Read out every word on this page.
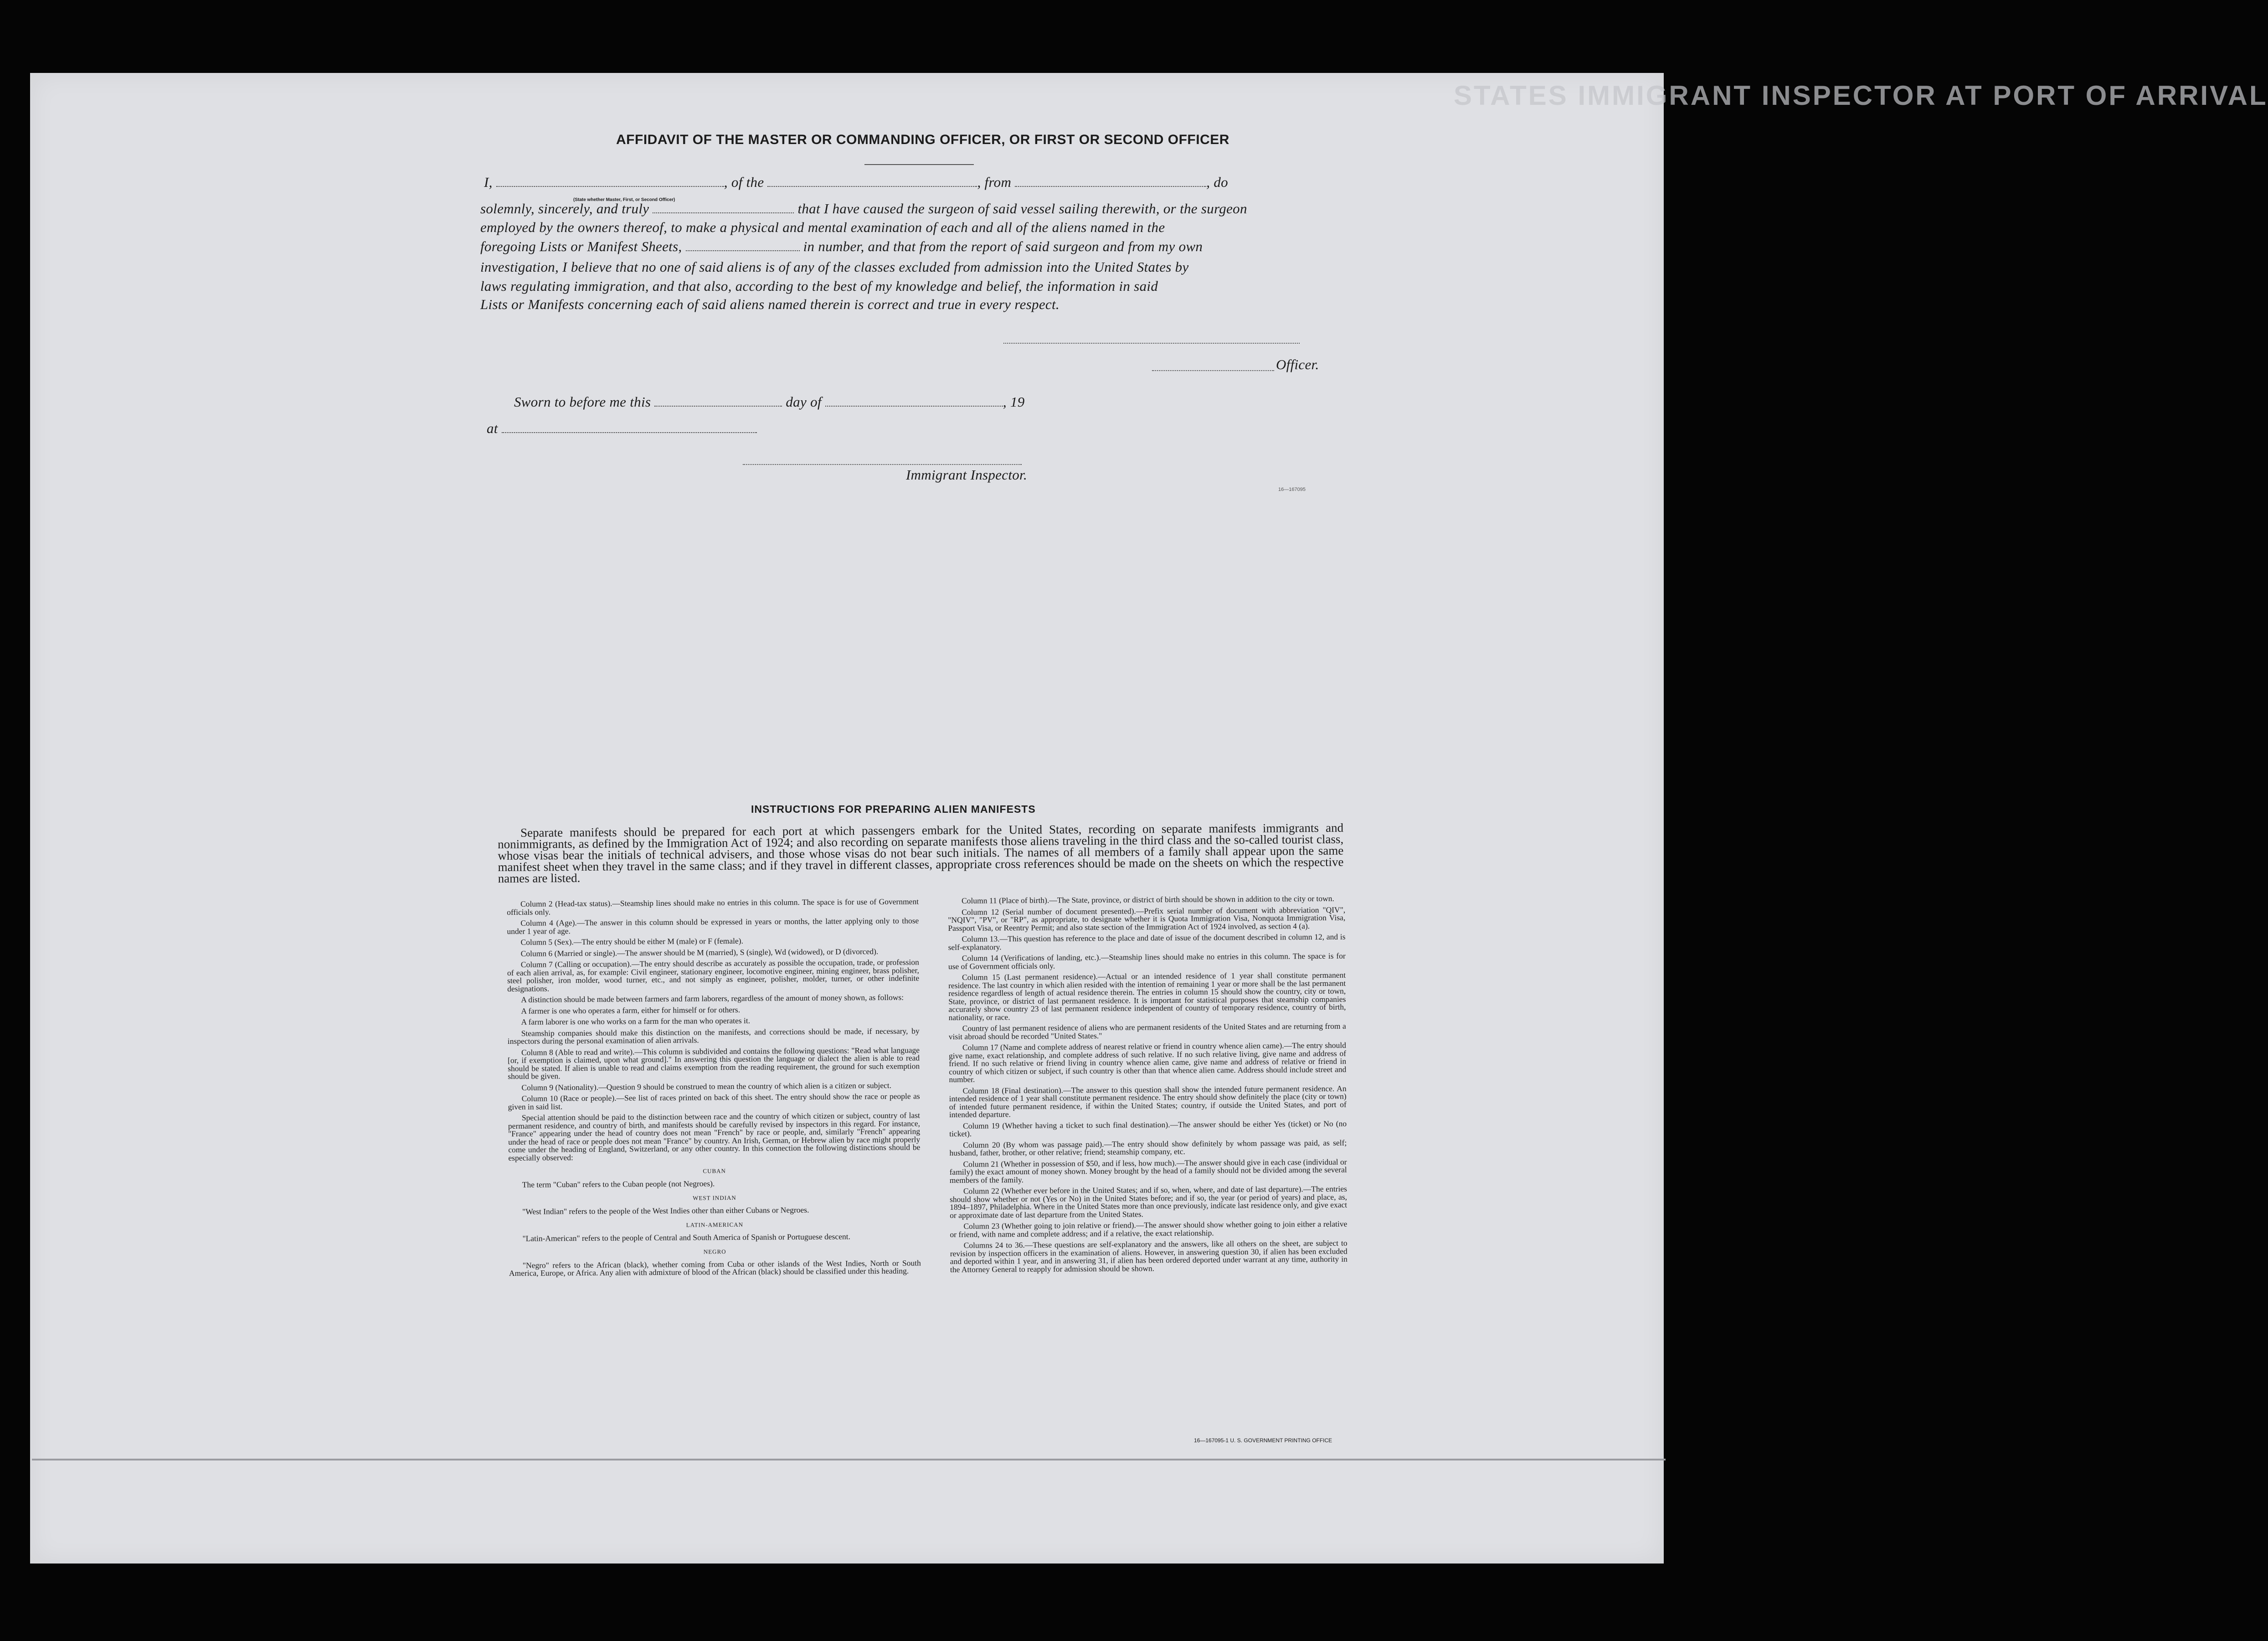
STATES IMMIGRANT INSPECTOR AT PORT OF ARRIVAL
AFFIDAVIT OF THE MASTER OR COMMANDING OFFICER, OR FIRST OR SECOND OFFICER
I,	, of the	, from	, do
(State whether Master, First, or Second Officer)
solemnly, sincerely, and truly	that I have caused the surgeon of said vessel sailing therewith, or the surgeon
employed by the owners thereof, to make a physical and mental examination of each and all of the aliens named in the
foregoing Lists or Manifest Sheets,	in number, and that from the report of said surgeon and from my own
investigation, I believe that no one of said aliens is of any of the classes excluded from admission into the United States by
laws regulating immigration, and that also, according to the best of my knowledge and belief, the information in said
Lists or Manifests concerning each of said aliens named therein is correct and true in every respect.
Officer.
Sworn to before me this	day of	, 19
at
Immigrant Inspector.
16—167095
INSTRUCTIONS FOR PREPARING ALIEN MANIFESTS
Separate manifests should be prepared for each port at which passengers embark for the United States, recording on separate manifests immigrants and nonimmigrants, as defined by the Immigration Act of 1924; and also recording on separate manifests those aliens traveling in the third class and the so-called tourist class, whose visas bear the initials of technical advisers, and those whose visas do not bear such initials. The names of all members of a family shall appear upon the same manifest sheet when they travel in the same class; and if they travel in different classes, appropriate cross references should be made on the sheets on which the respective names are listed.

Column 2 (Head-tax status).—Steamship lines should make no entries in this column. The space is for use of Government officials only.

Column 4 (Age).—The answer in this column should be expressed in years or months, the latter applying only to those under 1 year of age.

Column 5 (Sex).—The entry should be either M (male) or F (female).

Column 6 (Married or single).—The answer should be M (married), S (single), Wd (widowed), or D (divorced).

Column 7 (Calling or occupation).—The entry should describe as accurately as possible the occupation, trade, or profession of each alien arrival, as, for example: Civil engineer, stationary engineer, locomotive engineer, mining engineer, brass polisher, steel polisher, iron molder, wood turner, etc., and not simply as engineer, polisher, molder, turner, or other indefinite designations.

A distinction should be made between farmers and farm laborers, regardless of the amount of money shown, as follows:

A farmer is one who operates a farm, either for himself or for others.

A farm laborer is one who works on a farm for the man who operates it.

Steamship companies should make this distinction on the manifests, and corrections should be made, if necessary, by inspectors during the personal examination of alien arrivals.

Column 8 (Able to read and write).—This column is subdivided and contains the following questions: "Read what language [or, if exemption is claimed, upon what ground]." In answering this question the language or dialect the alien is able to read should be stated. If alien is unable to read and claims exemption from the reading requirement, the ground for such exemption should be given.

Column 9 (Nationality).—Question 9 should be construed to mean the country of which alien is a citizen or subject.

Column 10 (Race or people).—See list of races printed on back of this sheet. The entry should show the race or people as given in said list.

Special attention should be paid to the distinction between race and the country of which citizen or subject, country of last permanent residence, and country of birth, and manifests should be carefully revised by inspectors in this regard. For instance, "France" appearing under the head of country does not mean "French" by race or people, and, similarly "French" appearing under the head of race or people does not mean "France" by country. An Irish, German, or Hebrew alien by race might properly come under the heading of England, Switzerland, or any other country. In this connection the following distinctions should be especially observed:

CUBAN

The term "Cuban" refers to the Cuban people (not Negroes).

WEST INDIAN

"West Indian" refers to the people of the West Indies other than either Cubans or Negroes.

LATIN-AMERICAN

"Latin-American" refers to the people of Central and South America of Spanish or Portuguese descent.

NEGRO

"Negro" refers to the African (black), whether coming from Cuba or other islands of the West Indies, North or South America, Europe, or Africa. Any alien with admixture of blood of the African (black) should be classified under this heading.

Column 11 (Place of birth).—The State, province, or district of birth should be shown in addition to the city or town.

Column 12 (Serial number of document presented).—Prefix serial number of document with abbreviation "QIV", "NQIV", "PV", or "RP", as appropriate, to designate whether it is Quota Immigration Visa, Nonquota Immigration Visa, Passport Visa, or Reentry Permit; and also state section of the Immigration Act of 1924 involved, as section 4 (a).

Column 13.—This question has reference to the place and date of issue of the document described in column 12, and is self-explanatory.

Column 14 (Verifications of landing, etc.).—Steamship lines should make no entries in this column. The space is for use of Government officials only.

Column 15 (Last permanent residence).—Actual or an intended residence of 1 year shall constitute permanent residence. The last country in which alien resided with the intention of remaining 1 year or more shall be the last permanent residence regardless of length of actual residence therein. The entries in column 15 should show the country, city or town, State, province, or district of last permanent residence. It is important for statistical purposes that steamship companies accurately show country 23 of last permanent residence independent of country of temporary residence, country of birth, nationality, or race.

Country of last permanent residence of aliens who are permanent residents of the United States and are returning from a visit abroad should be recorded "United States."

Column 17 (Name and complete address of nearest relative or friend in country whence alien came).—The entry should give name, exact relationship, and complete address of such relative. If no such relative living, give name and address of friend. If no such relative or friend living in country whence alien came, give name and address of relative or friend in country of which citizen or subject, if such country is other than that whence alien came. Address should include street and number.

Column 18 (Final destination).—The answer to this question shall show the intended future permanent residence. An intended residence of 1 year shall constitute permanent residence. The entry should show definitely the place (city or town) of intended future permanent residence, if within the United States; country, if outside the United States, and port of intended departure.

Column 19 (Whether having a ticket to such final destination).—The answer should be either Yes (ticket) or No (no ticket).

Column 20 (By whom was passage paid).—The entry should show definitely by whom passage was paid, as self; husband, father, brother, or other relative; friend; steamship company, etc.

Column 21 (Whether in possession of $50, and if less, how much).—The answer should give in each case (individual or family) the exact amount of money shown. Money brought by the head of a family should not be divided among the several members of the family.

Column 22 (Whether ever before in the United States; and if so, when, where, and date of last departure).—The entries should show whether or not (Yes or No) in the United States before; and if so, the year (or period of years) and place, as, 1894–1897, Philadelphia. Where in the United States more than once previously, indicate last residence only, and give exact or approximate date of last departure from the United States.

Column 23 (Whether going to join relative or friend).—The answer should show whether going to join either a relative or friend, with name and complete address; and if a relative, the exact relationship.

Columns 24 to 36.—These questions are self-explanatory and the answers, like all others on the sheet, are subject to revision by inspection officers in the examination of aliens. However, in answering question 30, if alien has been excluded and deported within 1 year, and in answering 31, if alien has been ordered deported under warrant at any time, authority in the Attorney General to reapply for admission should be shown.

16—167095-1 U. S. GOVERNMENT PRINTING OFFICE
